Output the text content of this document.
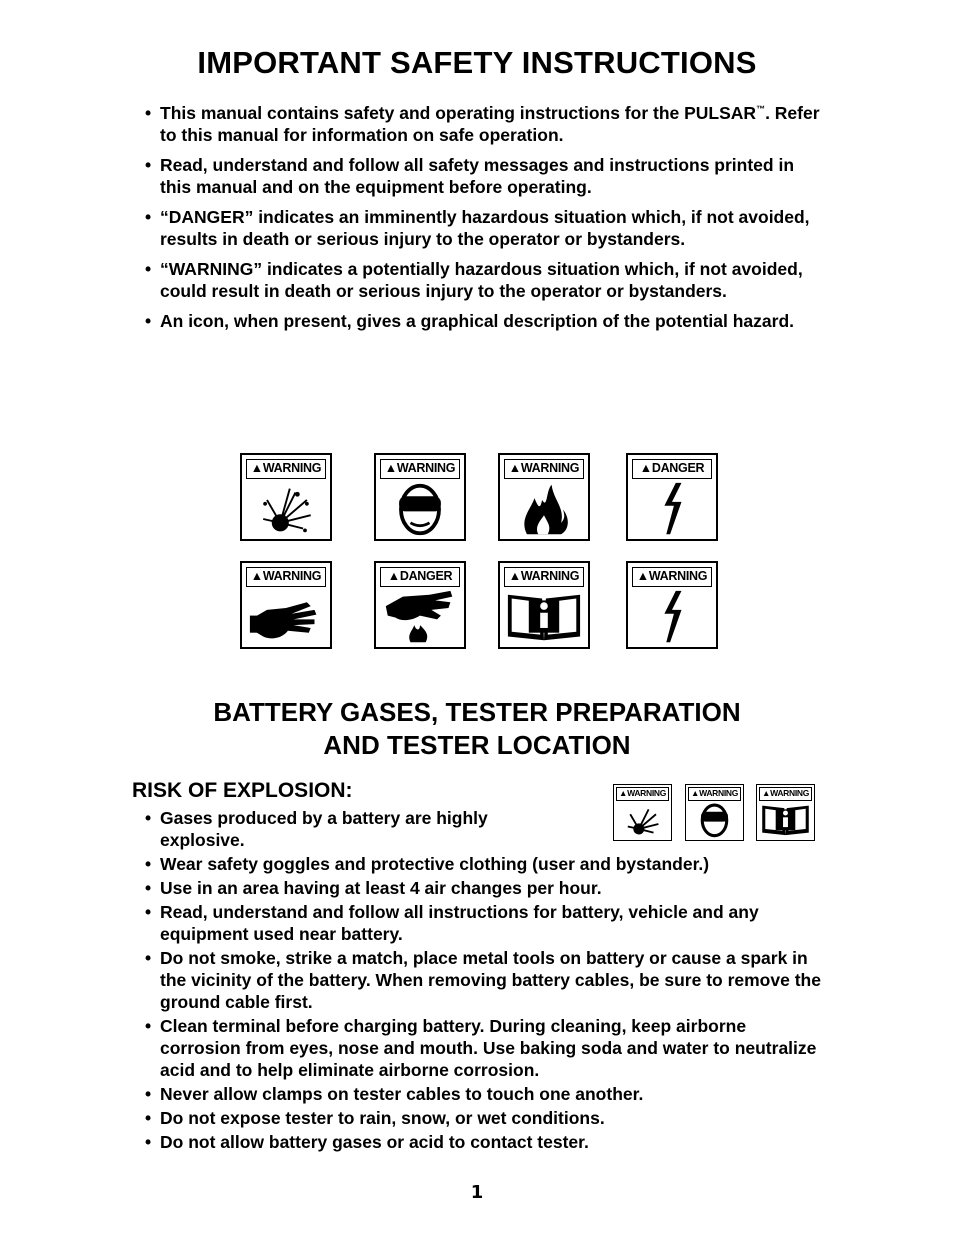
IMPORTANT SAFETY INSTRUCTIONS
• This manual contains safety and operating instructions for the PULSAR™. Refer to this manual for information on safe operation.
• Read, understand and follow all safety messages and instructions printed in this manual and on the equipment before operating.
• “DANGER” indicates an imminently hazardous situation which, if not avoided, results in death or serious injury to the operator or bystanders.
• “WARNING” indicates a potentially hazardous situation which, if not avoided, could result in death or serious injury to the operator or bystanders.
• An icon, when present, gives a graphical description of the potential hazard.
▲WARNING	▲WARNING	▲WARNING	▲DANGER
▲WARNING	▲DANGER	▲WARNING	▲WARNING
BATTERY GASES, TESTER PREPARATION
AND TESTER LOCATION
RISK OF EXPLOSION:	▲WARNING	▲WARNING	▲WARNING
• Gases produced by a battery are highly explosive.
• Wear safety goggles and protective clothing (user and bystander.)
• Use in an area having at least 4 air changes per hour.
• Read, understand and follow all instructions for battery, vehicle and any equipment used near battery.
• Do not smoke, strike a match, place metal tools on battery or cause a spark in the vicinity of the battery. When removing battery cables, be sure to remove the ground cable first.
• Clean terminal before charging battery. During cleaning, keep airborne corrosion from eyes, nose and mouth. Use baking soda and water to neutralize acid and to help eliminate airborne corrosion.
• Never allow clamps on tester cables to touch one another.
• Do not expose tester to rain, snow, or wet conditions.
• Do not allow battery gases or acid to contact tester.
1
